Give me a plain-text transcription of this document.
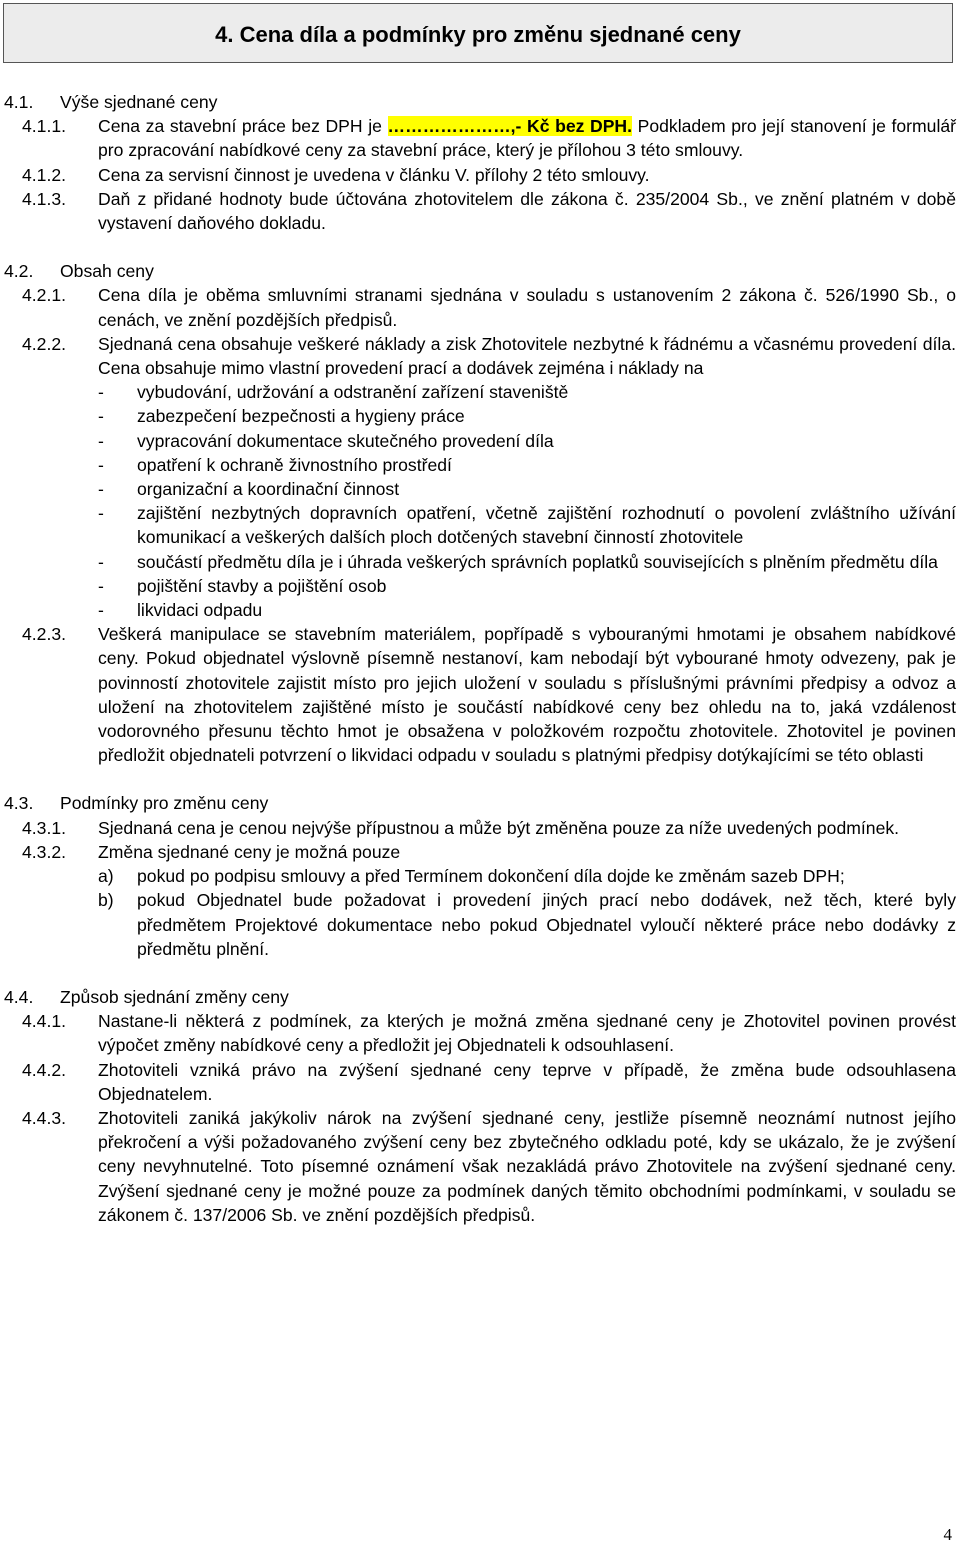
4. Cena díla a podmínky pro změnu sjednané ceny
4.1. Výše sjednané ceny
4.1.1. Cena za stavební práce bez DPH je …………………,- Kč bez DPH. Podkladem pro její stanovení je formulář pro zpracování nabídkové ceny za stavební práce, který je přílohou 3 této smlouvy.
4.1.2. Cena za servisní činnost je uvedena v článku V. přílohy 2 této smlouvy.
4.1.3. Daň z přidané hodnoty bude účtována zhotovitelem dle zákona č. 235/2004 Sb., ve znění platném v době vystavení daňového dokladu.
4.2. Obsah ceny
4.2.1. Cena díla je oběma smluvními stranami sjednána v souladu s ustanovením 2 zákona č. 526/1990 Sb., o cenách, ve znění pozdějších předpisů.
4.2.2. Sjednaná cena obsahuje veškeré náklady a zisk Zhotovitele nezbytné k řádnému a včasnému provedení díla. Cena obsahuje mimo vlastní provedení prací a dodávek zejména i náklady na
- vybudování, udržování a odstranění zařízení staveniště
- zabezpečení bezpečnosti a hygieny práce
- vypracování dokumentace skutečného provedení díla
- opatření k ochraně živnostního prostředí
- organizační a koordinační činnost
- zajištění nezbytných dopravních opatření, včetně zajištění rozhodnutí o povolení zvláštního užívání komunikací a veškerých dalších ploch dotčených stavební činností zhotovitele
- součástí předmětu díla je i úhrada veškerých správních poplatků souvisejících s plněním předmětu díla
- pojištění stavby a pojištění osob
- likvidaci odpadu
4.2.3. Veškerá manipulace se stavebním materiálem, popřípadě s vybouranými hmotami je obsahem nabídkové ceny. Pokud objednatel výslovně písemně nestanoví, kam nebodají být vybourané hmoty odvezeny, pak je povinností zhotovitele zajistit místo pro jejich uložení v souladu s příslušnými právními předpisy a odvoz a uložení na zhotovitelem zajištěné místo je součástí nabídkové ceny bez ohledu na to, jaká vzdálenost vodorovného přesunu těchto hmot je obsažena v položkovém rozpočtu zhotovitele. Zhotovitel je povinen předložit objednateli potvrzení o likvidaci odpadu v souladu s platnými předpisy dotýkajícími se této oblasti
4.3. Podmínky pro změnu ceny
4.3.1. Sjednaná cena je cenou nejvýše přípustnou a může být změněna pouze za níže uvedených podmínek.
4.3.2. Změna sjednané ceny je možná pouze
a) pokud po podpisu smlouvy a před Termínem dokončení díla dojde ke změnám sazeb DPH;
b) pokud Objednatel bude požadovat i provedení jiných prací nebo dodávek, než těch, které byly předmětem Projektové dokumentace nebo pokud Objednatel vyloučí některé práce nebo dodávky z předmětu plnění.
4.4. Způsob sjednání změny ceny
4.4.1. Nastane-li některá z podmínek, za kterých je možná změna sjednané ceny je Zhotovitel povinen provést výpočet změny nabídkové ceny a předložit jej Objednateli k odsouhlasení.
4.4.2. Zhotoviteli vzniká právo na zvýšení sjednané ceny teprve v případě, že změna bude odsouhlasena Objednatelem.
4.4.3. Zhotoviteli zaniká jakýkoliv nárok na zvýšení sjednané ceny, jestliže písemně neoznámí nutnost jejího překročení a výši požadovaného zvýšení ceny bez zbytečného odkladu poté, kdy se ukázalo, že je zvýšení ceny nevyhnutelné. Toto písemné oznámení však nezakládá právo Zhotovitele na zvýšení sjednané ceny. Zvýšení sjednané ceny je možné pouze za podmínek daných těmito obchodními podmínkami, v souladu se zákonem č. 137/2006 Sb. ve znění pozdějších předpisů.
4
